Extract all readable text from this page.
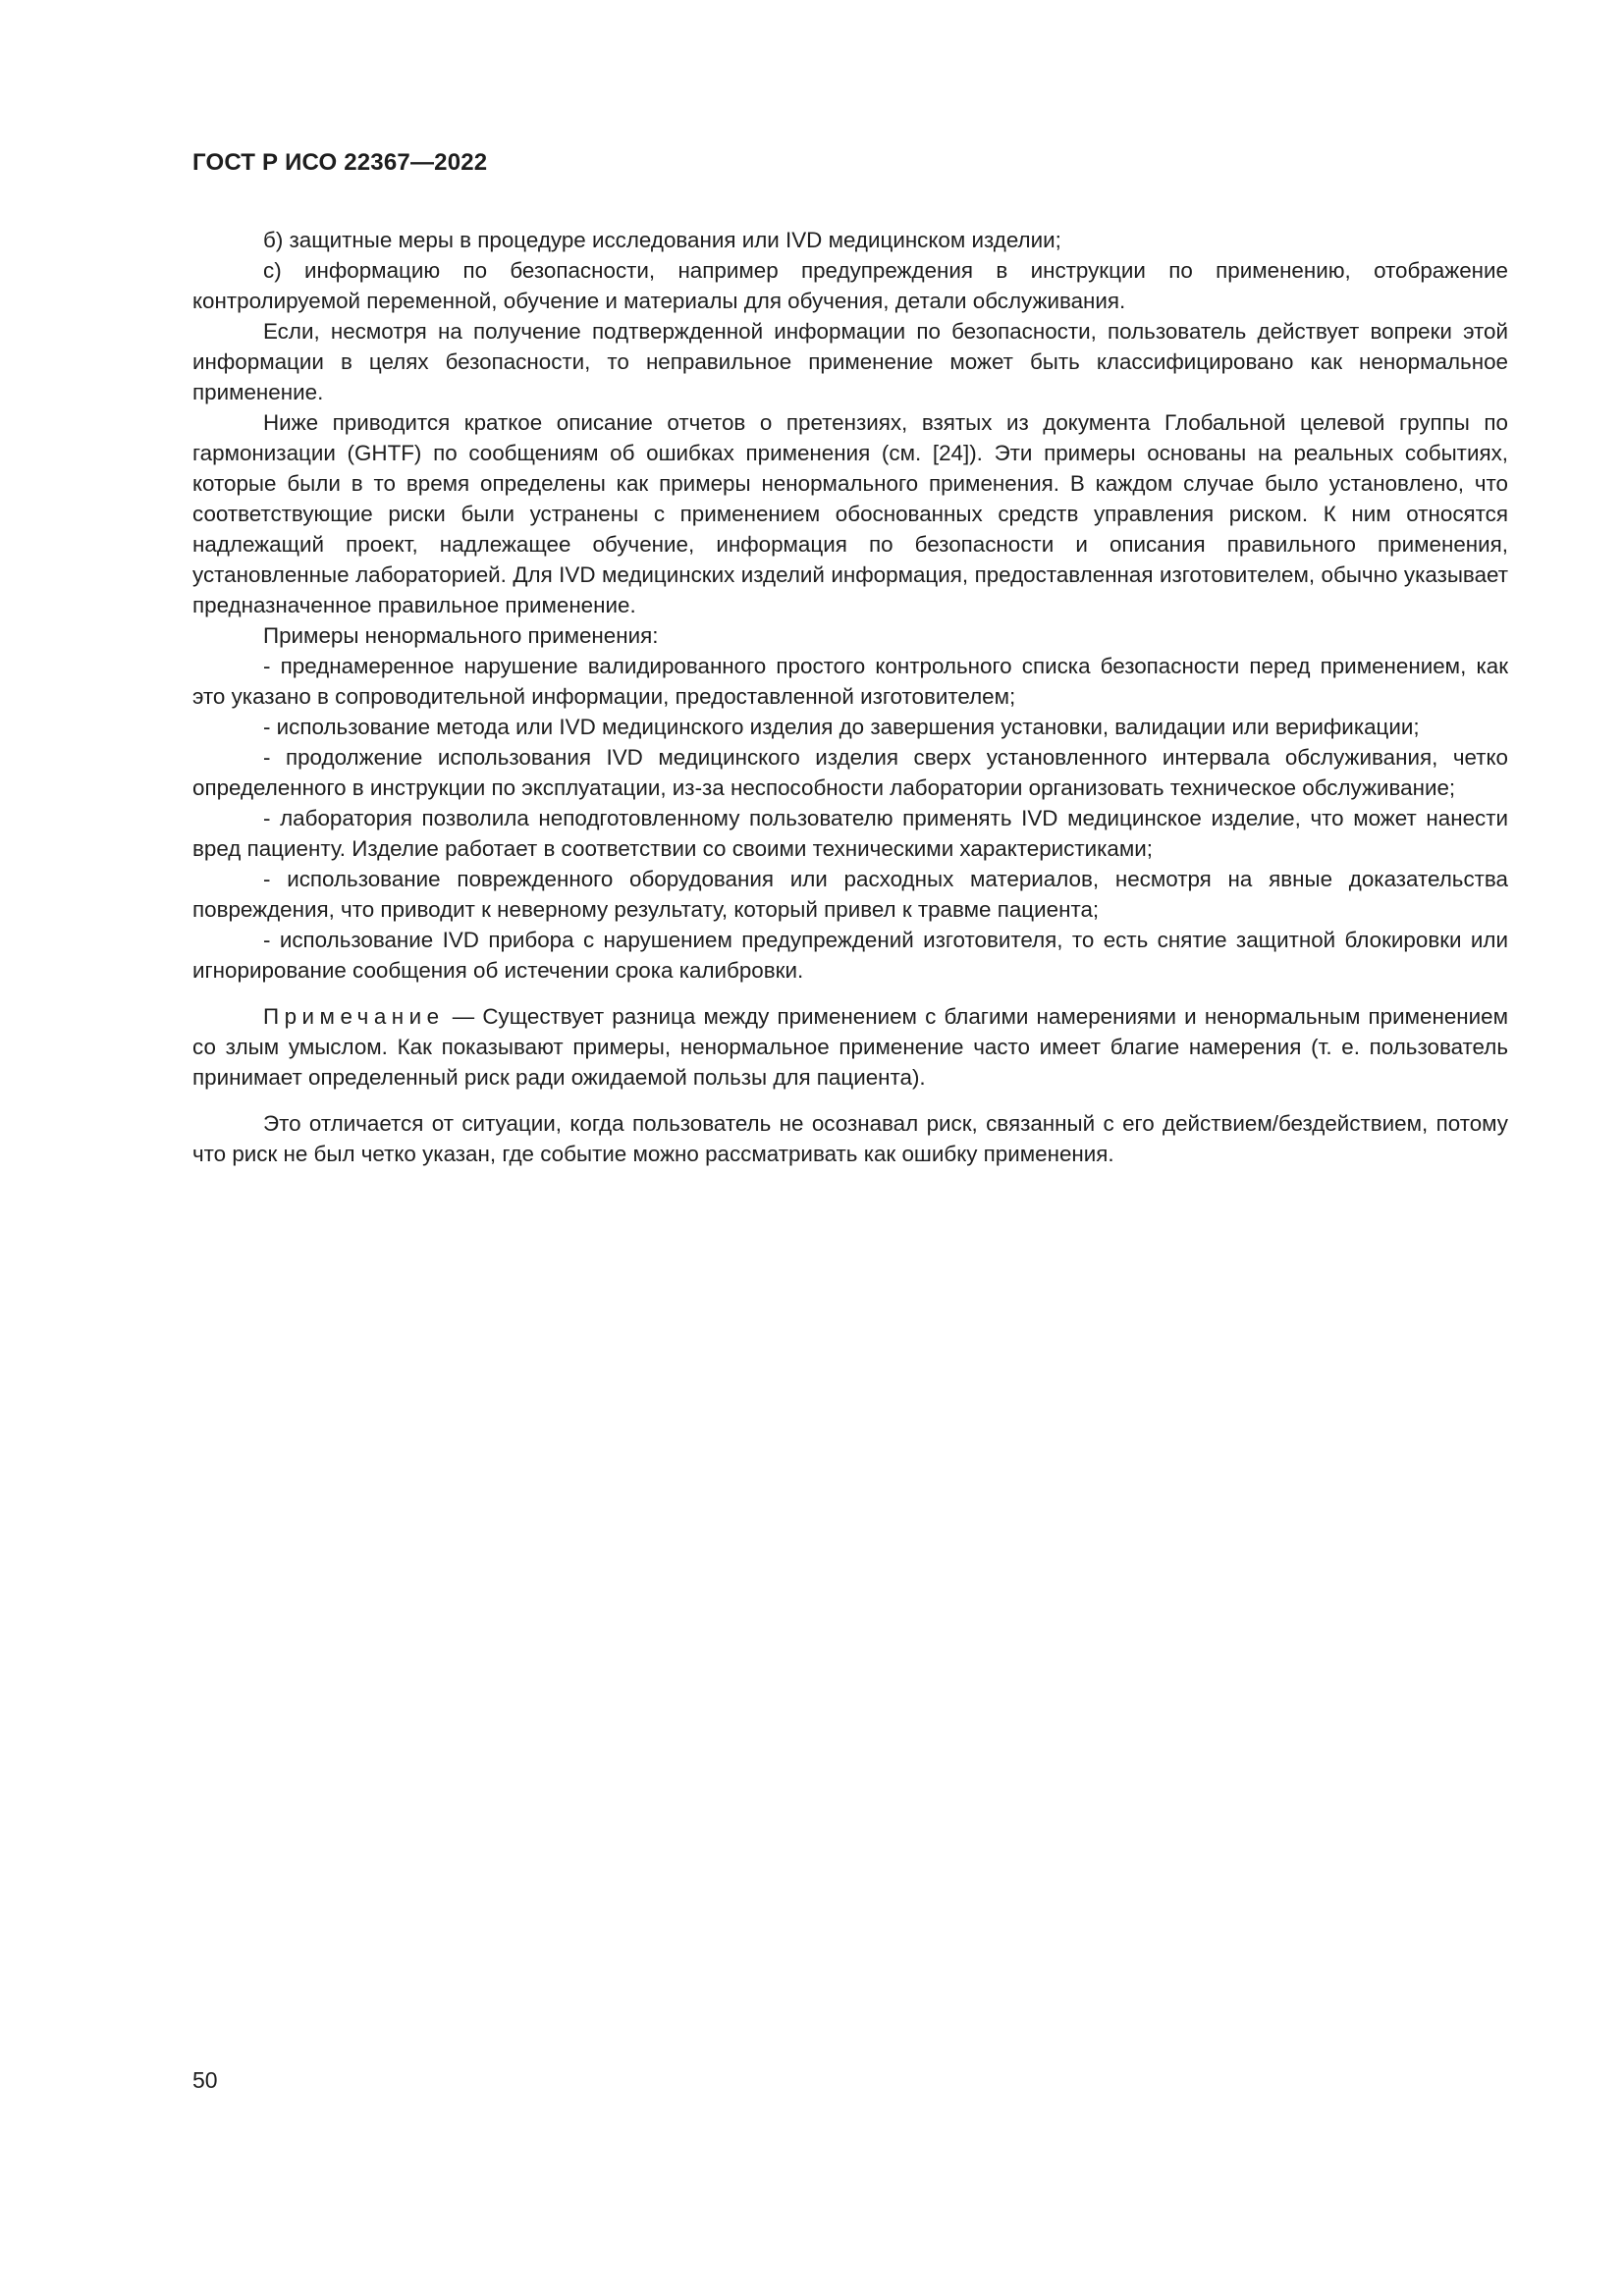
ГОСТ Р ИСО 22367—2022

б) защитные меры в процедуре исследования или IVD медицинском изделии;

с) информацию по безопасности, например предупреждения в инструкции по применению, отображение контролируемой переменной, обучение и материалы для обучения, детали обслуживания.

Если, несмотря на получение подтвержденной информации по безопасности, пользователь действует вопреки этой информации в целях безопасности, то неправильное применение может быть классифицировано как ненормальное применение.

Ниже приводится краткое описание отчетов о претензиях, взятых из документа Глобальной целевой группы по гармонизации (GHTF) по сообщениям об ошибках применения (см. [24]). Эти примеры основаны на реальных событиях, которые были в то время определены как примеры ненормального применения. В каждом случае было установлено, что соответствующие риски были устранены с применением обоснованных средств управления риском. К ним относятся надлежащий проект, надлежащее обучение, информация по безопасности и описания правильного применения, установленные лабораторией. Для IVD медицинских изделий информация, предоставленная изготовителем, обычно указывает предназначенное правильное применение.

Примеры ненормального применения:

- преднамеренное нарушение валидированного простого контрольного списка безопасности перед применением, как это указано в сопроводительной информации, предоставленной изготовителем;

- использование метода или IVD медицинского изделия до завершения установки, валидации или верификации;

- продолжение использования IVD медицинского изделия сверх установленного интервала обслуживания, четко определенного в инструкции по эксплуатации, из-за неспособности лаборатории организовать техническое обслуживание;

- лаборатория позволила неподготовленному пользователю применять IVD медицинское изделие, что может нанести вред пациенту. Изделие работает в соответствии со своими техническими характеристиками;

- использование поврежденного оборудования или расходных материалов, несмотря на явные доказательства повреждения, что приводит к неверному результату, который привел к травме пациента;

- использование IVD прибора с нарушением предупреждений изготовителя, то есть снятие защитной блокировки или игнорирование сообщения об истечении срока калибровки.

Примечание — Существует разница между применением с благими намерениями и ненормальным применением со злым умыслом. Как показывают примеры, ненормальное применение часто имеет благие намерения (т. е. пользователь принимает определенный риск ради ожидаемой пользы для пациента).

Это отличается от ситуации, когда пользователь не осознавал риск, связанный с его действием/бездействием, потому что риск не был четко указан, где событие можно рассматривать как ошибку применения.

50
